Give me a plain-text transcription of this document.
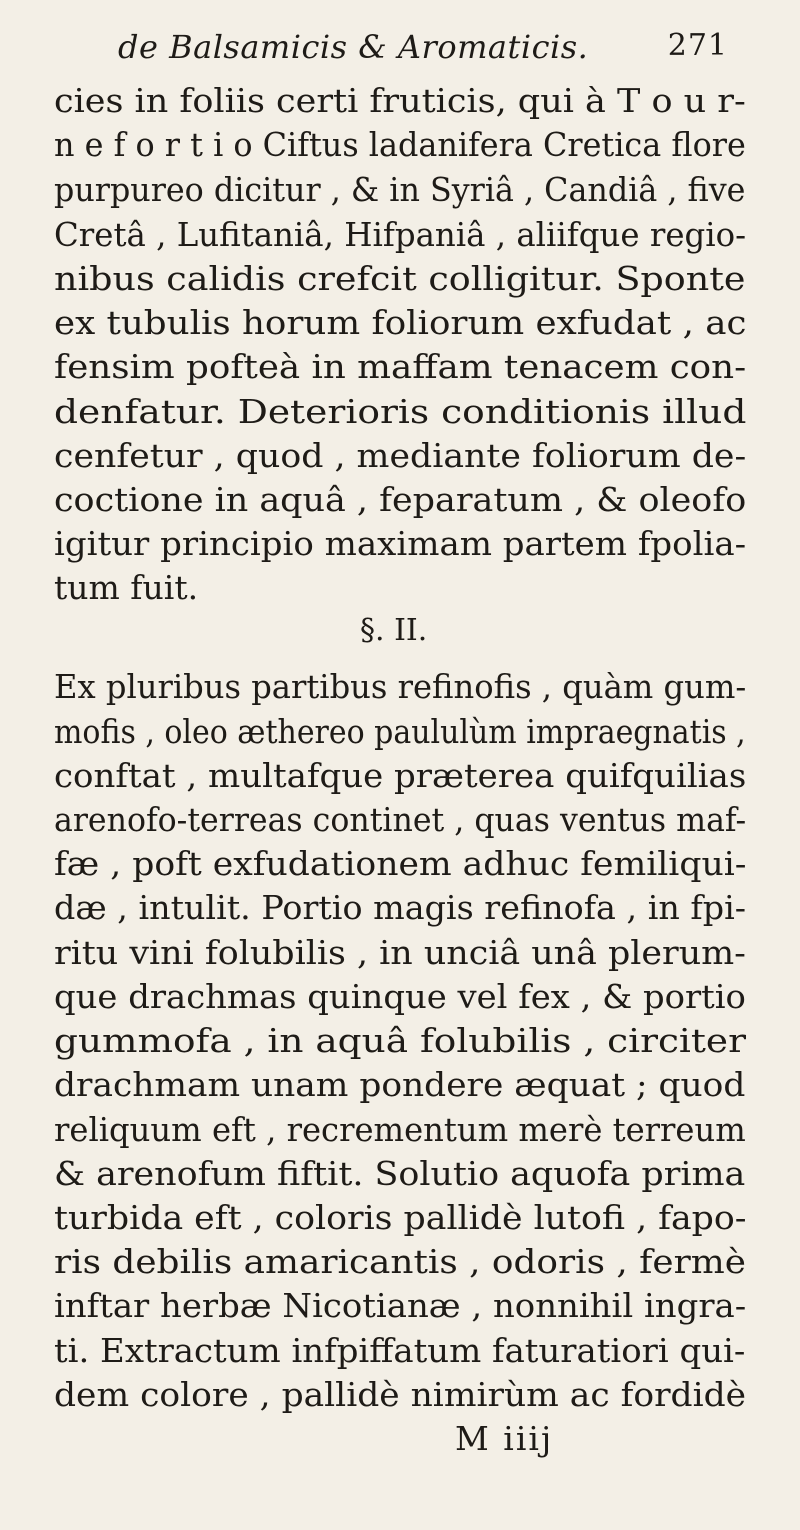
de Balsamicis & Aromaticis.	271
cies in foliis certi fruticis, qui à T o u r-
n e f o r t i o Ciftus ladanifera Cretica flore
purpureo dicitur , & in Syriâ , Candiâ , five
Cretâ , Lufitaniâ, Hifpaniâ , aliifque regio-
nibus calidis crefcit colligitur. Sponte
ex tubulis horum foliorum exfudat , ac
fensim pofteà in maffam tenacem con-
denfatur. Deterioris conditionis illud
cenfetur , quod , mediante foliorum de-
coctione in aquâ , feparatum , & oleofo
igitur principio maximam partem fpolia-
tum fuit.
§. II.
Ex pluribus partibus refinofis , quàm gum-
mofis , oleo æthereo paululùm impraegnatis ,
conftat , multafque præterea quifquilias
arenofo-terreas continet , quas ventus maf-
fæ , poft exfudationem adhuc femiliqui-
dæ , intulit. Portio magis refinofa , in fpi-
ritu vini folubilis , in unciâ unâ plerum-
que drachmas quinque vel fex , & portio
gummofa , in aquâ folubilis , circiter
drachmam unam pondere æquat ; quod
reliquum eft , recrementum merè terreum
& arenofum fiftit. Solutio aquofa prima
turbida eft , coloris pallidè lutofi , fapo-
ris debilis amaricantis , odoris , fermè
inftar herbæ Nicotianæ , nonnihil ingra-
ti. Extractum infpiffatum faturatiori qui-
dem colore , pallidè nimirùm ac fordidè
M iiij
